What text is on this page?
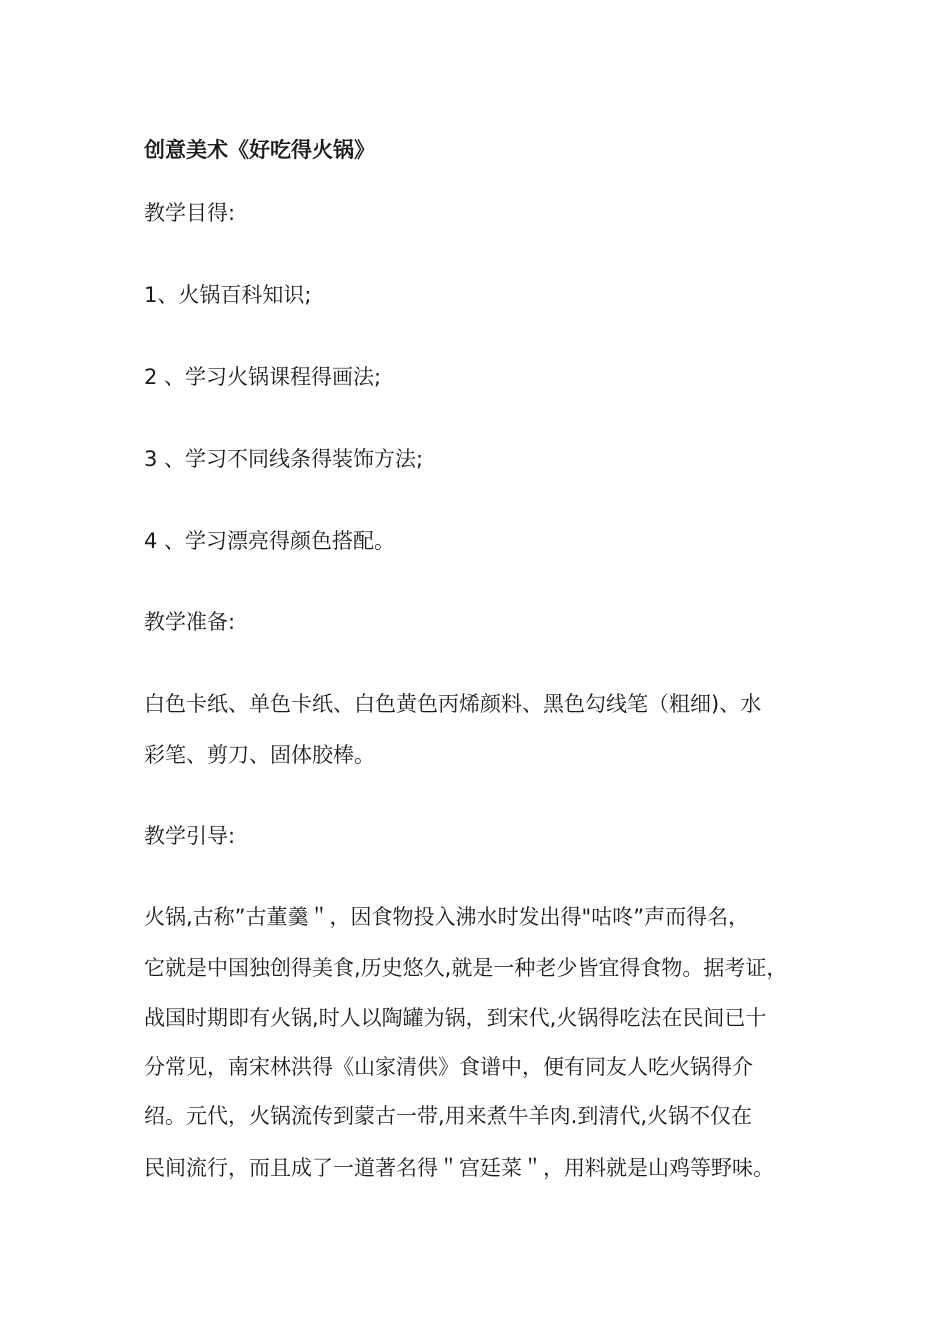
创意美术《好吃得火锅》
教学目得:
1、火锅百科知识;
2 、学习火锅课程得画法;
3 、学习不同线条得装饰方法;
4 、学习漂亮得颜色搭配。
教学准备:
白色卡纸、单色卡纸、白色黄色丙烯颜料、黑色勾线笔（粗细)、水
彩笔、剪刀、固体胶棒。
教学引导:
火锅,古称”古董羹＂，因食物投入沸水时发出得"咕咚”声而得名，
它就是中国独创得美食,历史悠久,就是一种老少皆宜得食物。据考证，
战国时期即有火锅,时人以陶罐为锅，到宋代,火锅得吃法在民间已十
分常见，南宋林洪得《山家清供》食谱中，便有同友人吃火锅得介
绍。元代，火锅流传到蒙古一带,用来煮牛羊肉.到清代,火锅不仅在
民间流行，而且成了一道著名得＂宫廷菜＂，用料就是山鸡等野味。
